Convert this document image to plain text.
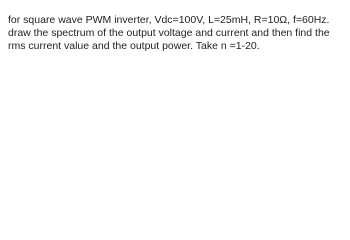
for square wave PWM inverter, Vdc=100V, L=25mH, R=10Ω, f=60Hz.
draw the spectrum of the output voltage and current and then find the
rms current value and the output power. Take n =1-20.
